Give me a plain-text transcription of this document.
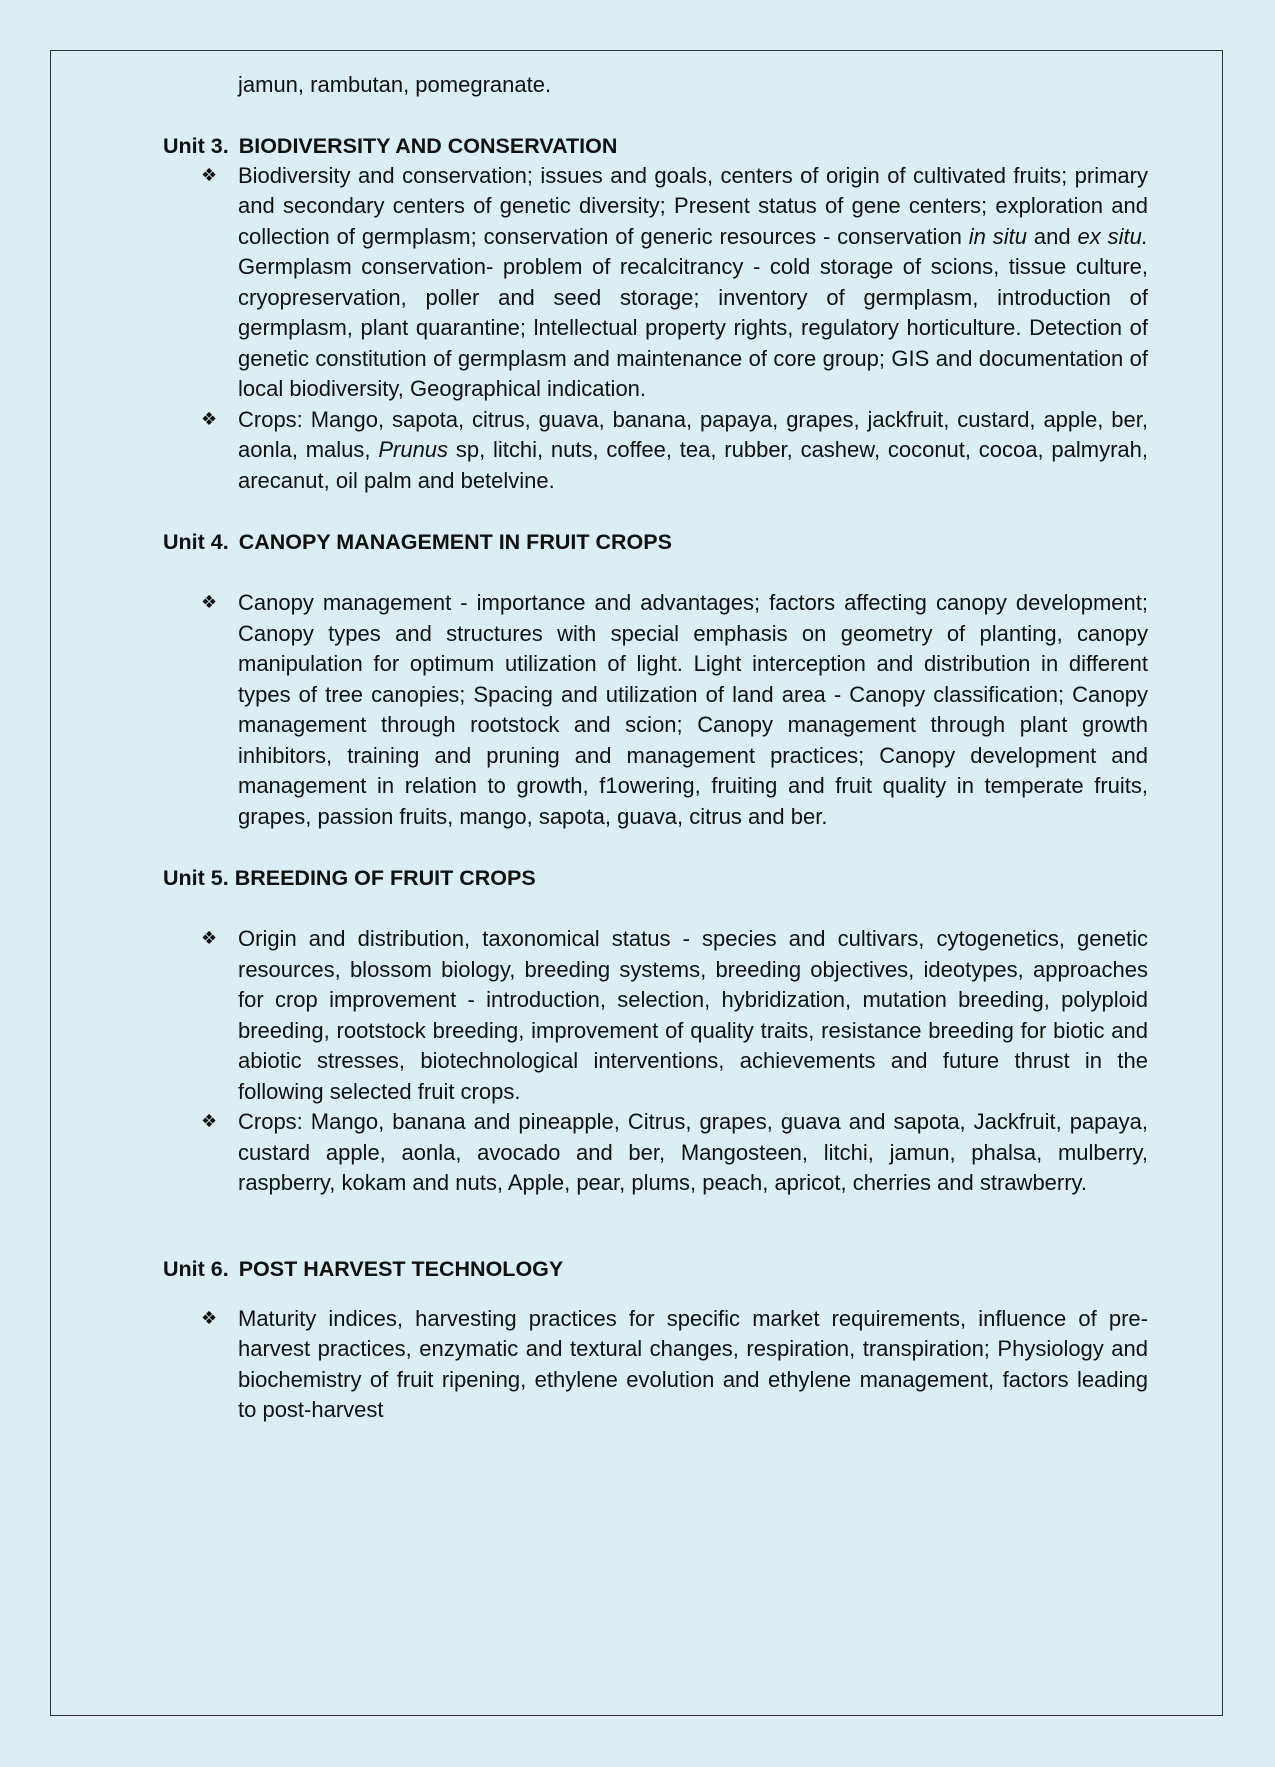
jamun, rambutan, pomegranate.

Unit 3. BIODIVERSITY AND CONSERVATION
❖ Biodiversity and conservation; issues and goals, centers of origin of cultivated fruits; primary and secondary centers of genetic diversity; Present status of gene centers; exploration and collection of germplasm; conservation of generic resources - conservation in situ and ex situ. Germplasm conservation- problem of recalcitrancy - cold storage of scions, tissue culture, cryopreservation, poller and seed storage; inventory of germplasm, introduction of germplasm, plant quarantine; lntellectual property rights, regulatory horticulture. Detection of genetic constitution of germplasm and maintenance of core group; GIS and documentation of local biodiversity, Geographical indication.
❖ Crops: Mango, sapota, citrus, guava, banana, papaya, grapes, jackfruit, custard, apple, ber, aonla, malus, Prunus sp, litchi, nuts, coffee, tea, rubber, cashew, coconut, cocoa, palmyrah, arecanut, oil palm and betelvine.
Unit 4. CANOPY MANAGEMENT IN FRUIT CROPS
❖ Canopy management - importance and advantages; factors affecting canopy development; Canopy types and structures with special emphasis on geometry of planting, canopy manipulation for optimum utilization of light. Light interception and distribution in different types of tree canopies; Spacing and utilization of land area - Canopy classification; Canopy management through rootstock and scion; Canopy management through plant growth inhibitors, training and pruning and management practices; Canopy development and management in relation to growth, f1owering, fruiting and fruit quality in temperate fruits, grapes, passion fruits, mango, sapota, guava, citrus and ber.
Unit 5. BREEDING OF FRUIT CROPS
❖ Origin and distribution, taxonomical status - species and cultivars, cytogenetics, genetic resources, blossom biology, breeding systems, breeding objectives, ideotypes, approaches for crop improvement - introduction, selection, hybridization, mutation breeding, polyploid breeding, rootstock breeding, improvement of quality traits, resistance breeding for biotic and abiotic stresses, biotechnological interventions, achievements and future thrust in the following selected fruit crops.
❖ Crops: Mango, banana and pineapple, Citrus, grapes, guava and sapota, Jackfruit, papaya, custard apple, aonla, avocado and ber, Mangosteen, litchi, jamun, phalsa, mulberry, raspberry, kokam and nuts, Apple, pear, plums, peach, apricot, cherries and strawberry.
Unit 6. POST HARVEST TECHNOLOGY
❖ Maturity indices, harvesting practices for specific market requirements, influence of pre-harvest practices, enzymatic and textural changes, respiration, transpiration; Physiology and biochemistry of fruit ripening, ethylene evolution and ethylene management, factors leading to post-harvest
